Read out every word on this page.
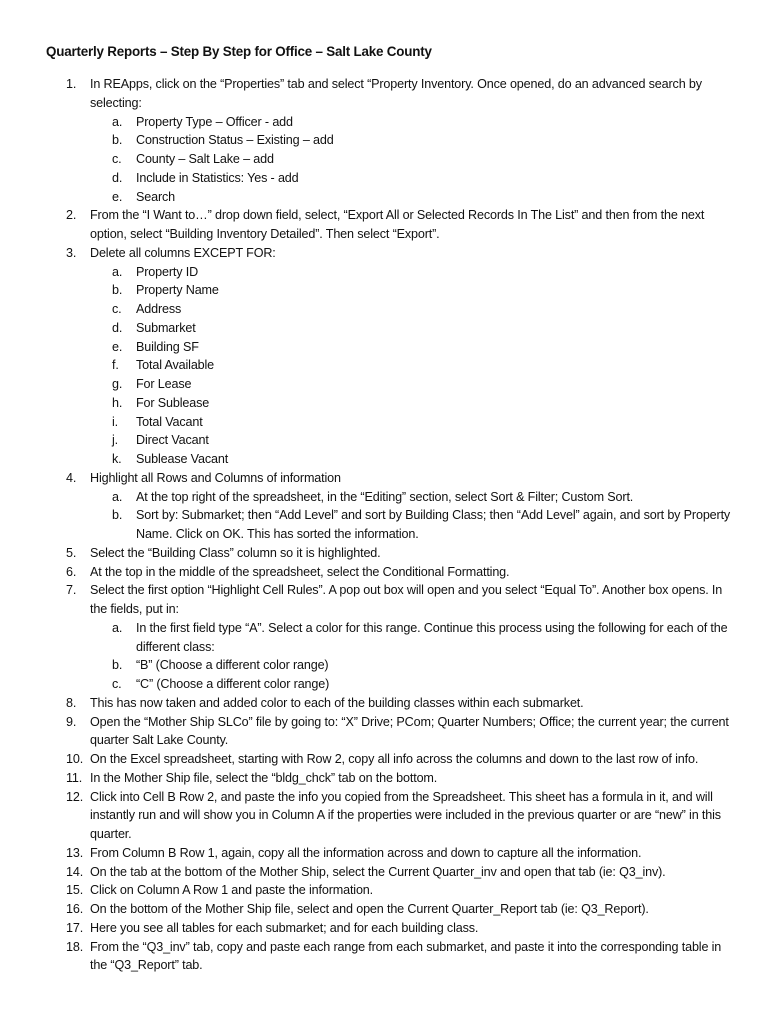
Quarterly Reports – Step By Step for Office – Salt Lake County
1.	In REApps, click on the “Properties” tab and select “Property Inventory. Once opened, do an advanced search by selecting:
a.	Property Type – Officer - add
b.	Construction Status – Existing – add
c.	County – Salt Lake – add
d.	Include in Statistics: Yes - add
e.	Search
2.	From the “I Want to…” drop down field, select, “Export All or Selected Records In The List” and then from the next option, select “Building Inventory Detailed”. Then select “Export”.
3.	Delete all columns EXCEPT FOR:
a.	Property ID
b.	Property Name
c.	Address
d.	Submarket
e.	Building SF
f.	Total Available
g.	For Lease
h.	For Sublease
i.	Total Vacant
j.	Direct Vacant
k.	Sublease Vacant
4.	Highlight all Rows and Columns of information
a.	At the top right of the spreadsheet, in the “Editing” section, select Sort & Filter; Custom Sort.
b.	Sort by: Submarket; then “Add Level” and sort by Building Class; then “Add Level” again, and sort by Property Name. Click on OK. This has sorted the information.
5.	Select the “Building Class” column so it is highlighted.
6.	At the top in the middle of the spreadsheet, select the Conditional Formatting.
7.	Select the first option “Highlight Cell Rules”. A pop out box will open and you select “Equal To”. Another box opens. In the fields, put in:
a.	In the first field type “A”. Select a color for this range. Continue this process using the following for each of the different class:
b.	“B” (Choose a different color range)
c.	“C” (Choose a different color range)
8.	This has now taken and added color to each of the building classes within each submarket.
9.	Open the “Mother Ship SLCo” file by going to: “X” Drive; PCom; Quarter Numbers; Office; the current year; the current quarter Salt Lake County.
10. On the Excel spreadsheet, starting with Row 2, copy all info across the columns and down to the last row of info.
11. In the Mother Ship file, select the “bldg_chck” tab on the bottom.
12. Click into Cell B Row 2, and paste the info you copied from the Spreadsheet. This sheet has a formula in it, and will instantly run and will show you in Column A if the properties were included in the previous quarter or are “new” in this quarter.
13. From Column B Row 1, again, copy all the information across and down to capture all the information.
14. On the tab at the bottom of the Mother Ship, select the Current Quarter_inv and open that tab (ie: Q3_inv).
15. Click on Column A Row 1 and paste the information.
16. On the bottom of the Mother Ship file, select and open the Current Quarter_Report tab (ie: Q3_Report).
17. Here you see all tables for each submarket; and for each building class.
18. From the “Q3_inv” tab, copy and paste each range from each submarket, and paste it into the corresponding table in the “Q3_Report” tab.
